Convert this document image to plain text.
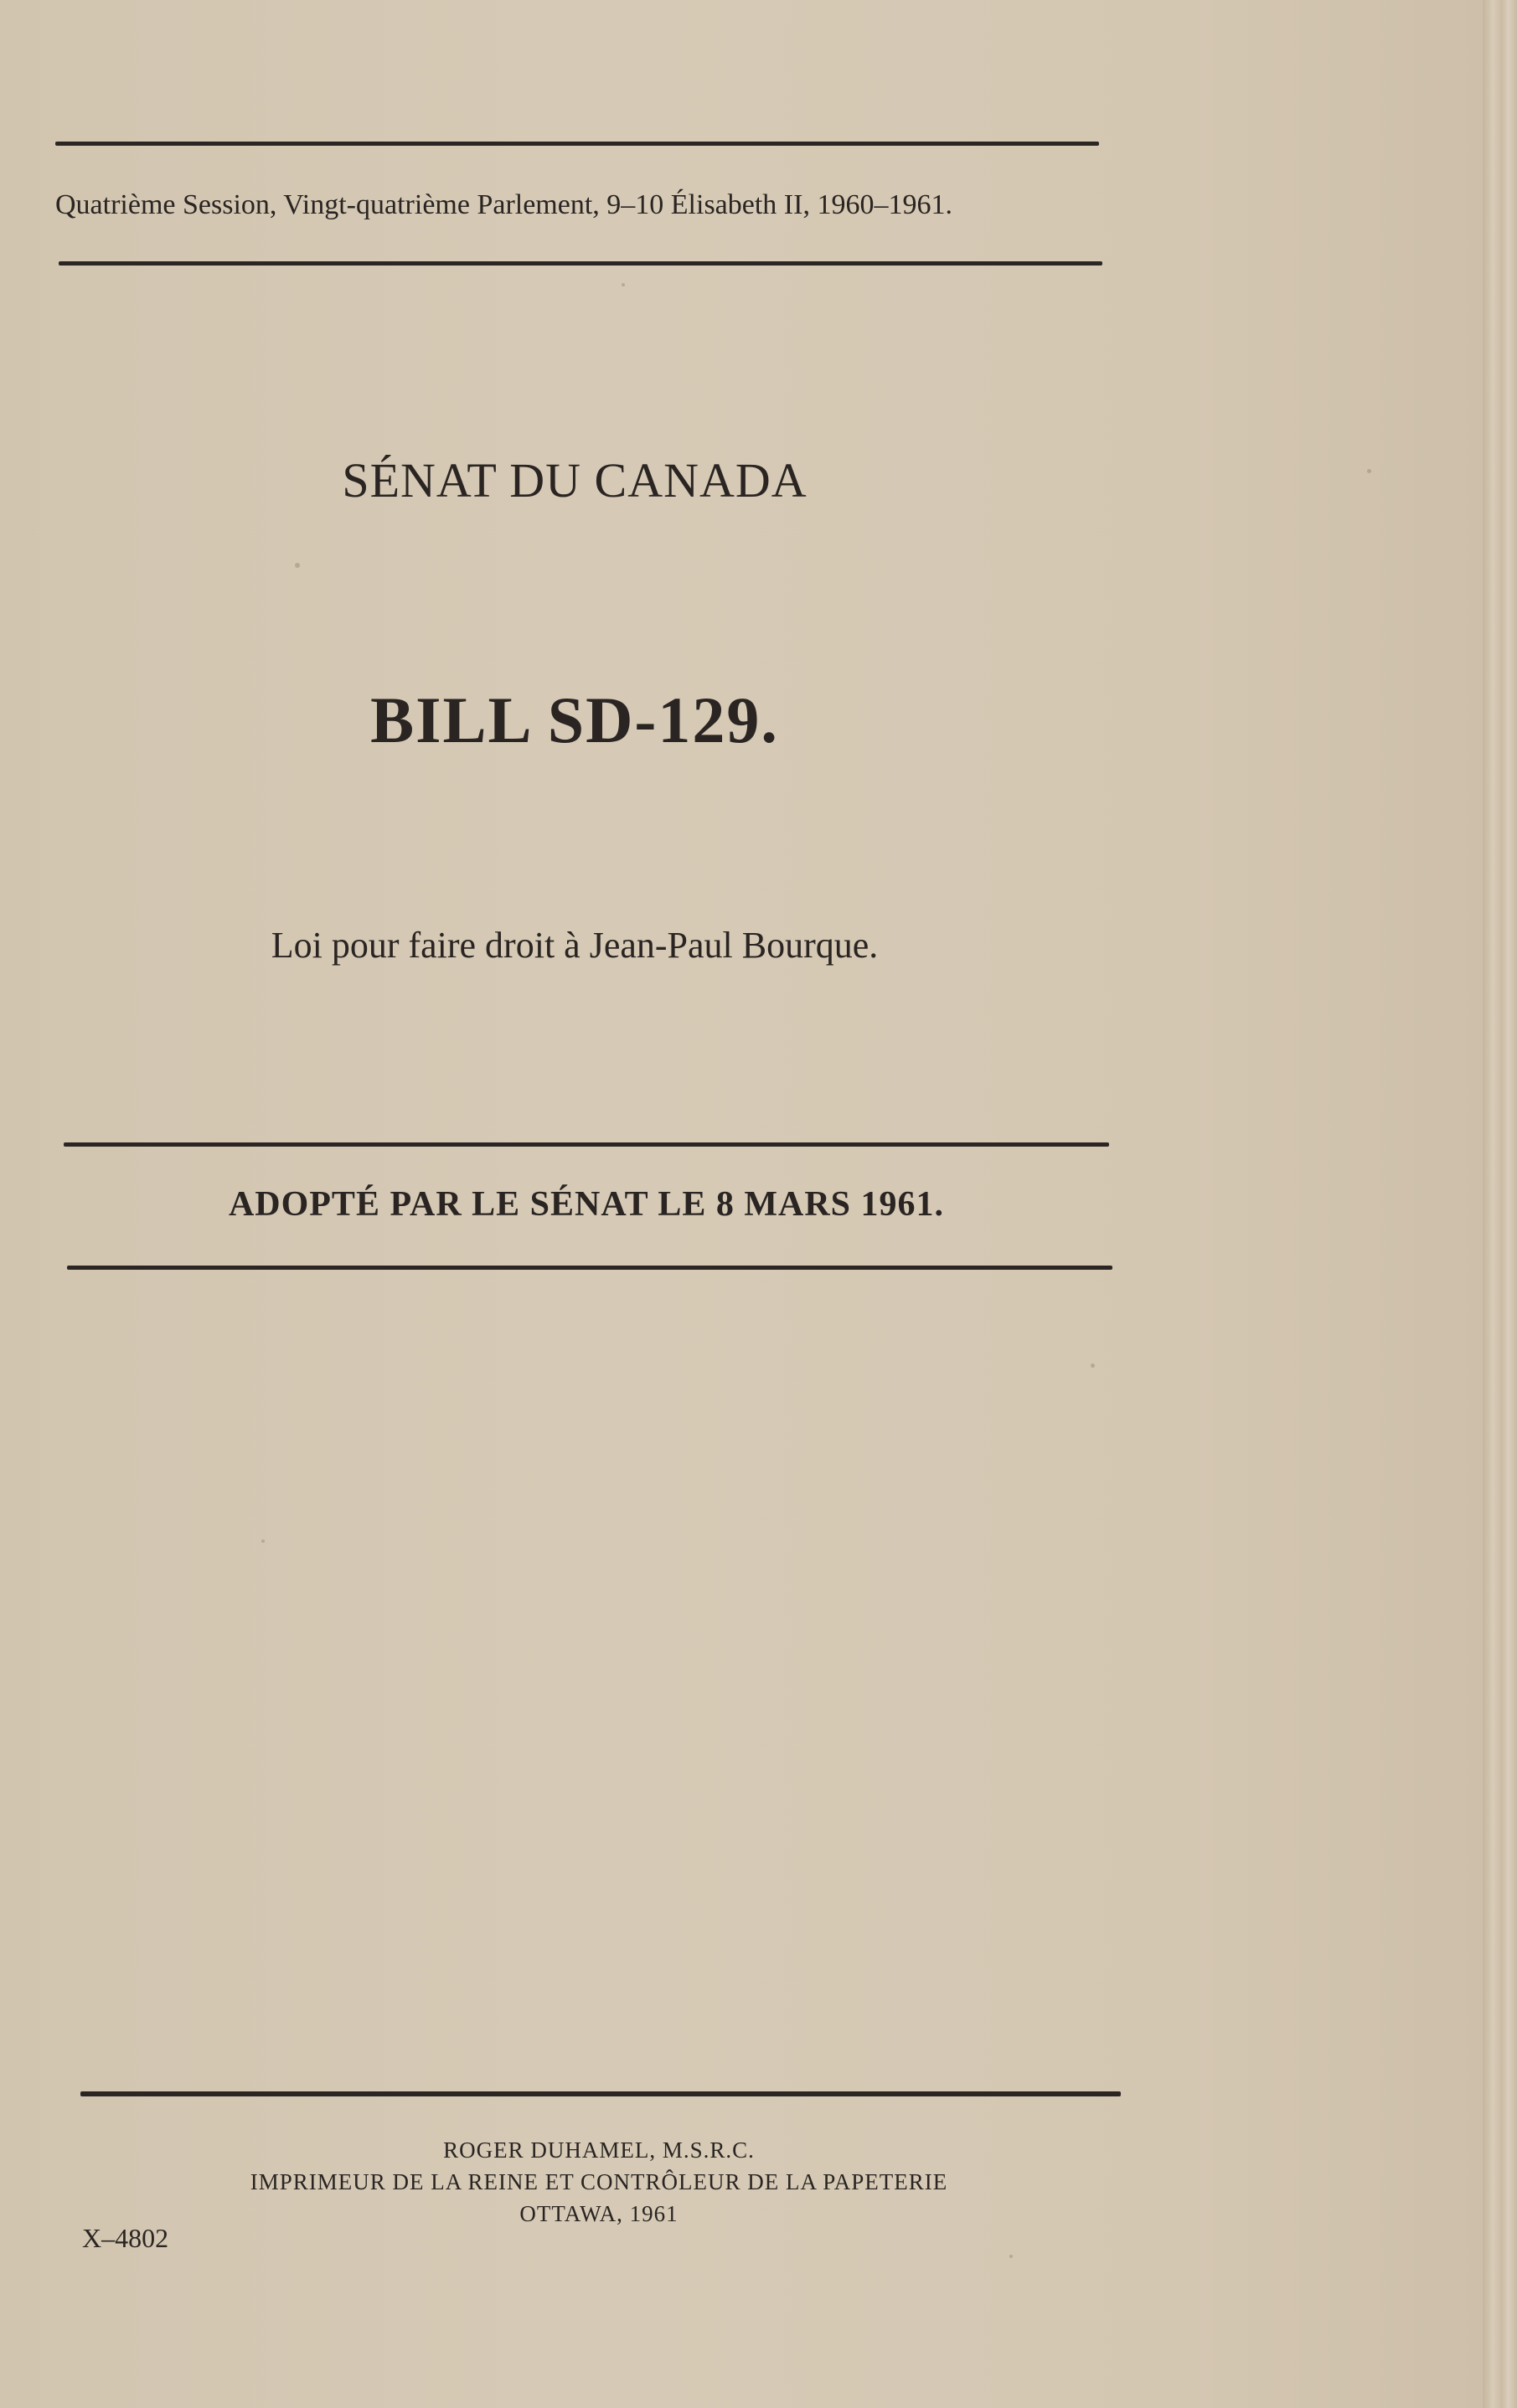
Quatrième Session, Vingt-quatrième Parlement, 9–10 Élisabeth II, 1960–1961.
SÉNAT DU CANADA
BILL SD-129.
Loi pour faire droit à Jean-Paul Bourque.
ADOPTÉ PAR LE SÉNAT LE 8 MARS 1961.
ROGER DUHAMEL, M.S.R.C.
IMPRIMEUR DE LA REINE ET CONTRÔLEUR DE LA PAPETERIE
OTTAWA, 1961
X–4802
